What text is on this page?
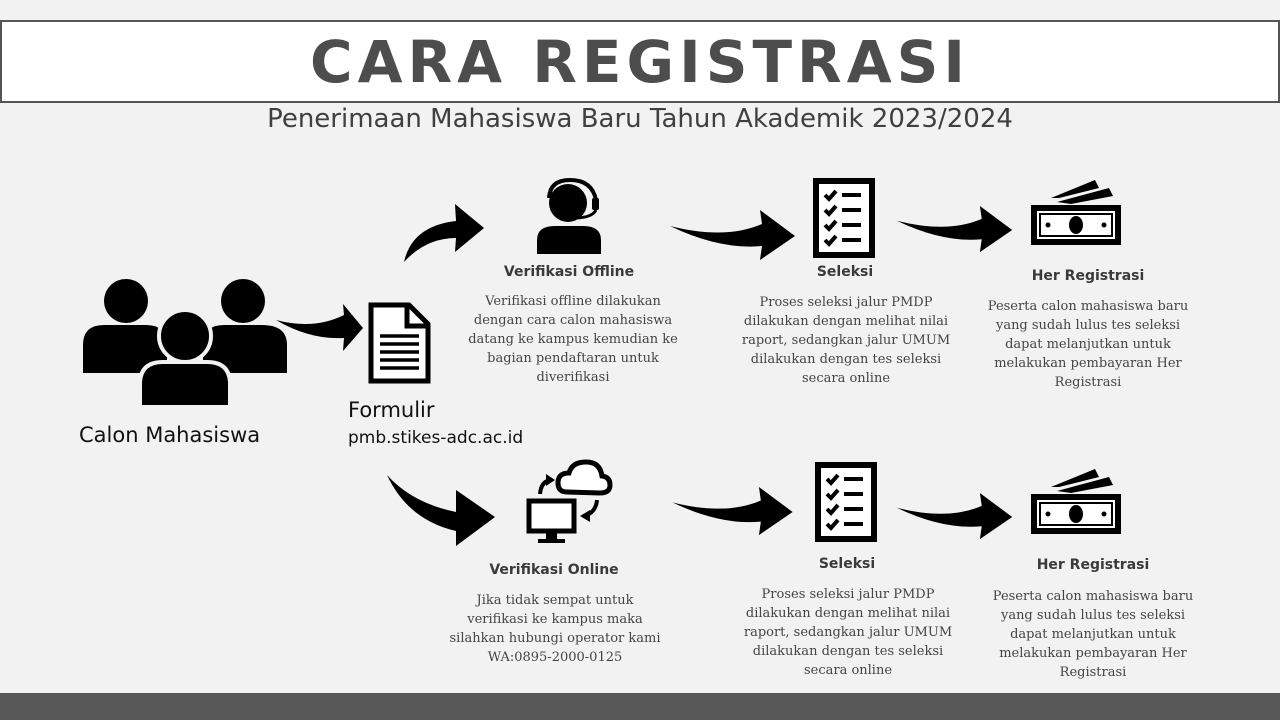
CARA REGISTRASI
Penerimaan Mahasiswa Baru Tahun Akademik 2023/2024
Calon Mahasiswa
Formulir
pmb.stikes-adc.ac.id
Verifikasi Offline
Verifikasi offline dilakukan
dengan cara calon mahasiswa
datang ke kampus kemudian ke
bagian pendaftaran untuk
diverifikasi
Seleksi
Proses seleksi jalur PMDP
dilakukan dengan melihat nilai
raport, sedangkan jalur UMUM
dilakukan dengan tes seleksi
secara online
Her Registrasi
Peserta calon mahasiswa baru
yang sudah lulus tes seleksi
dapat melanjutkan untuk
melakukan pembayaran Her
Registrasi
Verifikasi Online
Jika tidak sempat untuk
verifikasi ke kampus maka
silahkan hubungi operator kami
WA:0895-2000-0125
Seleksi
Proses seleksi jalur PMDP
dilakukan dengan melihat nilai
raport, sedangkan jalur UMUM
dilakukan dengan tes seleksi
secara online
Her Registrasi
Peserta calon mahasiswa baru
yang sudah lulus tes seleksi
dapat melanjutkan untuk
melakukan pembayaran Her
Registrasi
